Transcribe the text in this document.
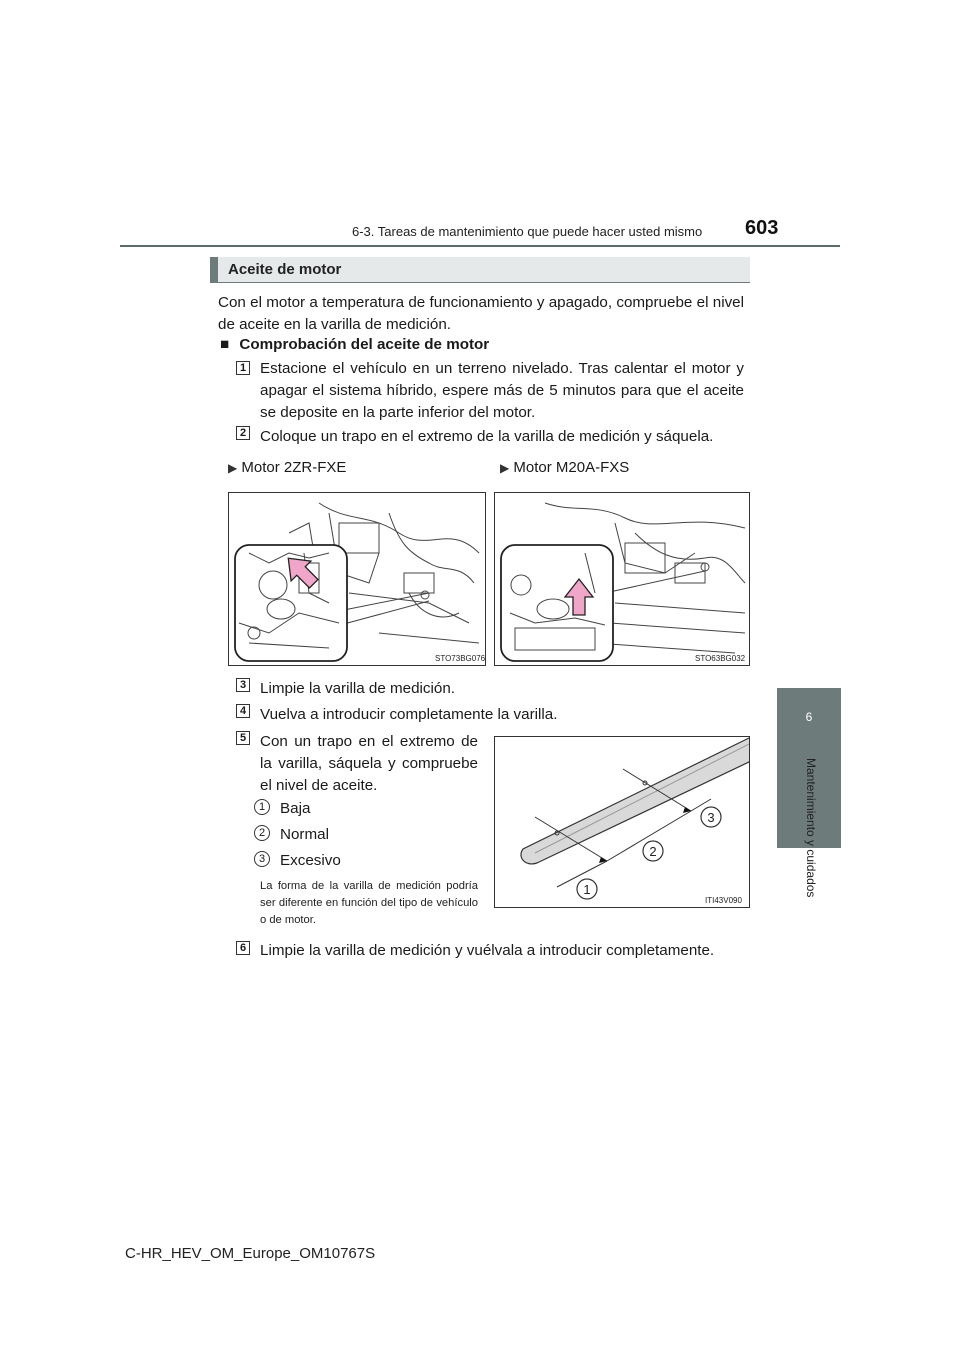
6-3. Tareas de mantenimiento que puede hacer usted mismo 603
6
Mantenimiento y cuidados
Aceite de motor
Con el motor a temperatura de funcionamiento y apagado, compruebe el nivel de aceite en la varilla de medición.
■ Comprobación del aceite de motor
1 Estacione el vehículo en un terreno nivelado. Tras calentar el motor y apagar el sistema híbrido, espere más de 5 minutos para que el aceite se deposite en la parte inferior del motor.
2 Coloque un trapo en el extremo de la varilla de medición y sáquela.
▶ Motor 2ZR-FXE	▶ Motor M20A-FXS
STO73BG076	STO63BG032
3 Limpie la varilla de medición.
4 Vuelva a introducir completamente la varilla.
5 Con un trapo en el extremo de la varilla, sáquela y compruebe el nivel de aceite.
1 Baja
2 Normal
3 Excesivo
La forma de la varilla de medición podría ser diferente en función del tipo de vehículo o de motor.
1
2
3
ITI43V090
6 Limpie la varilla de medición y vuélvala a introducir completamente.
C-HR_HEV_OM_Europe_OM10767S
